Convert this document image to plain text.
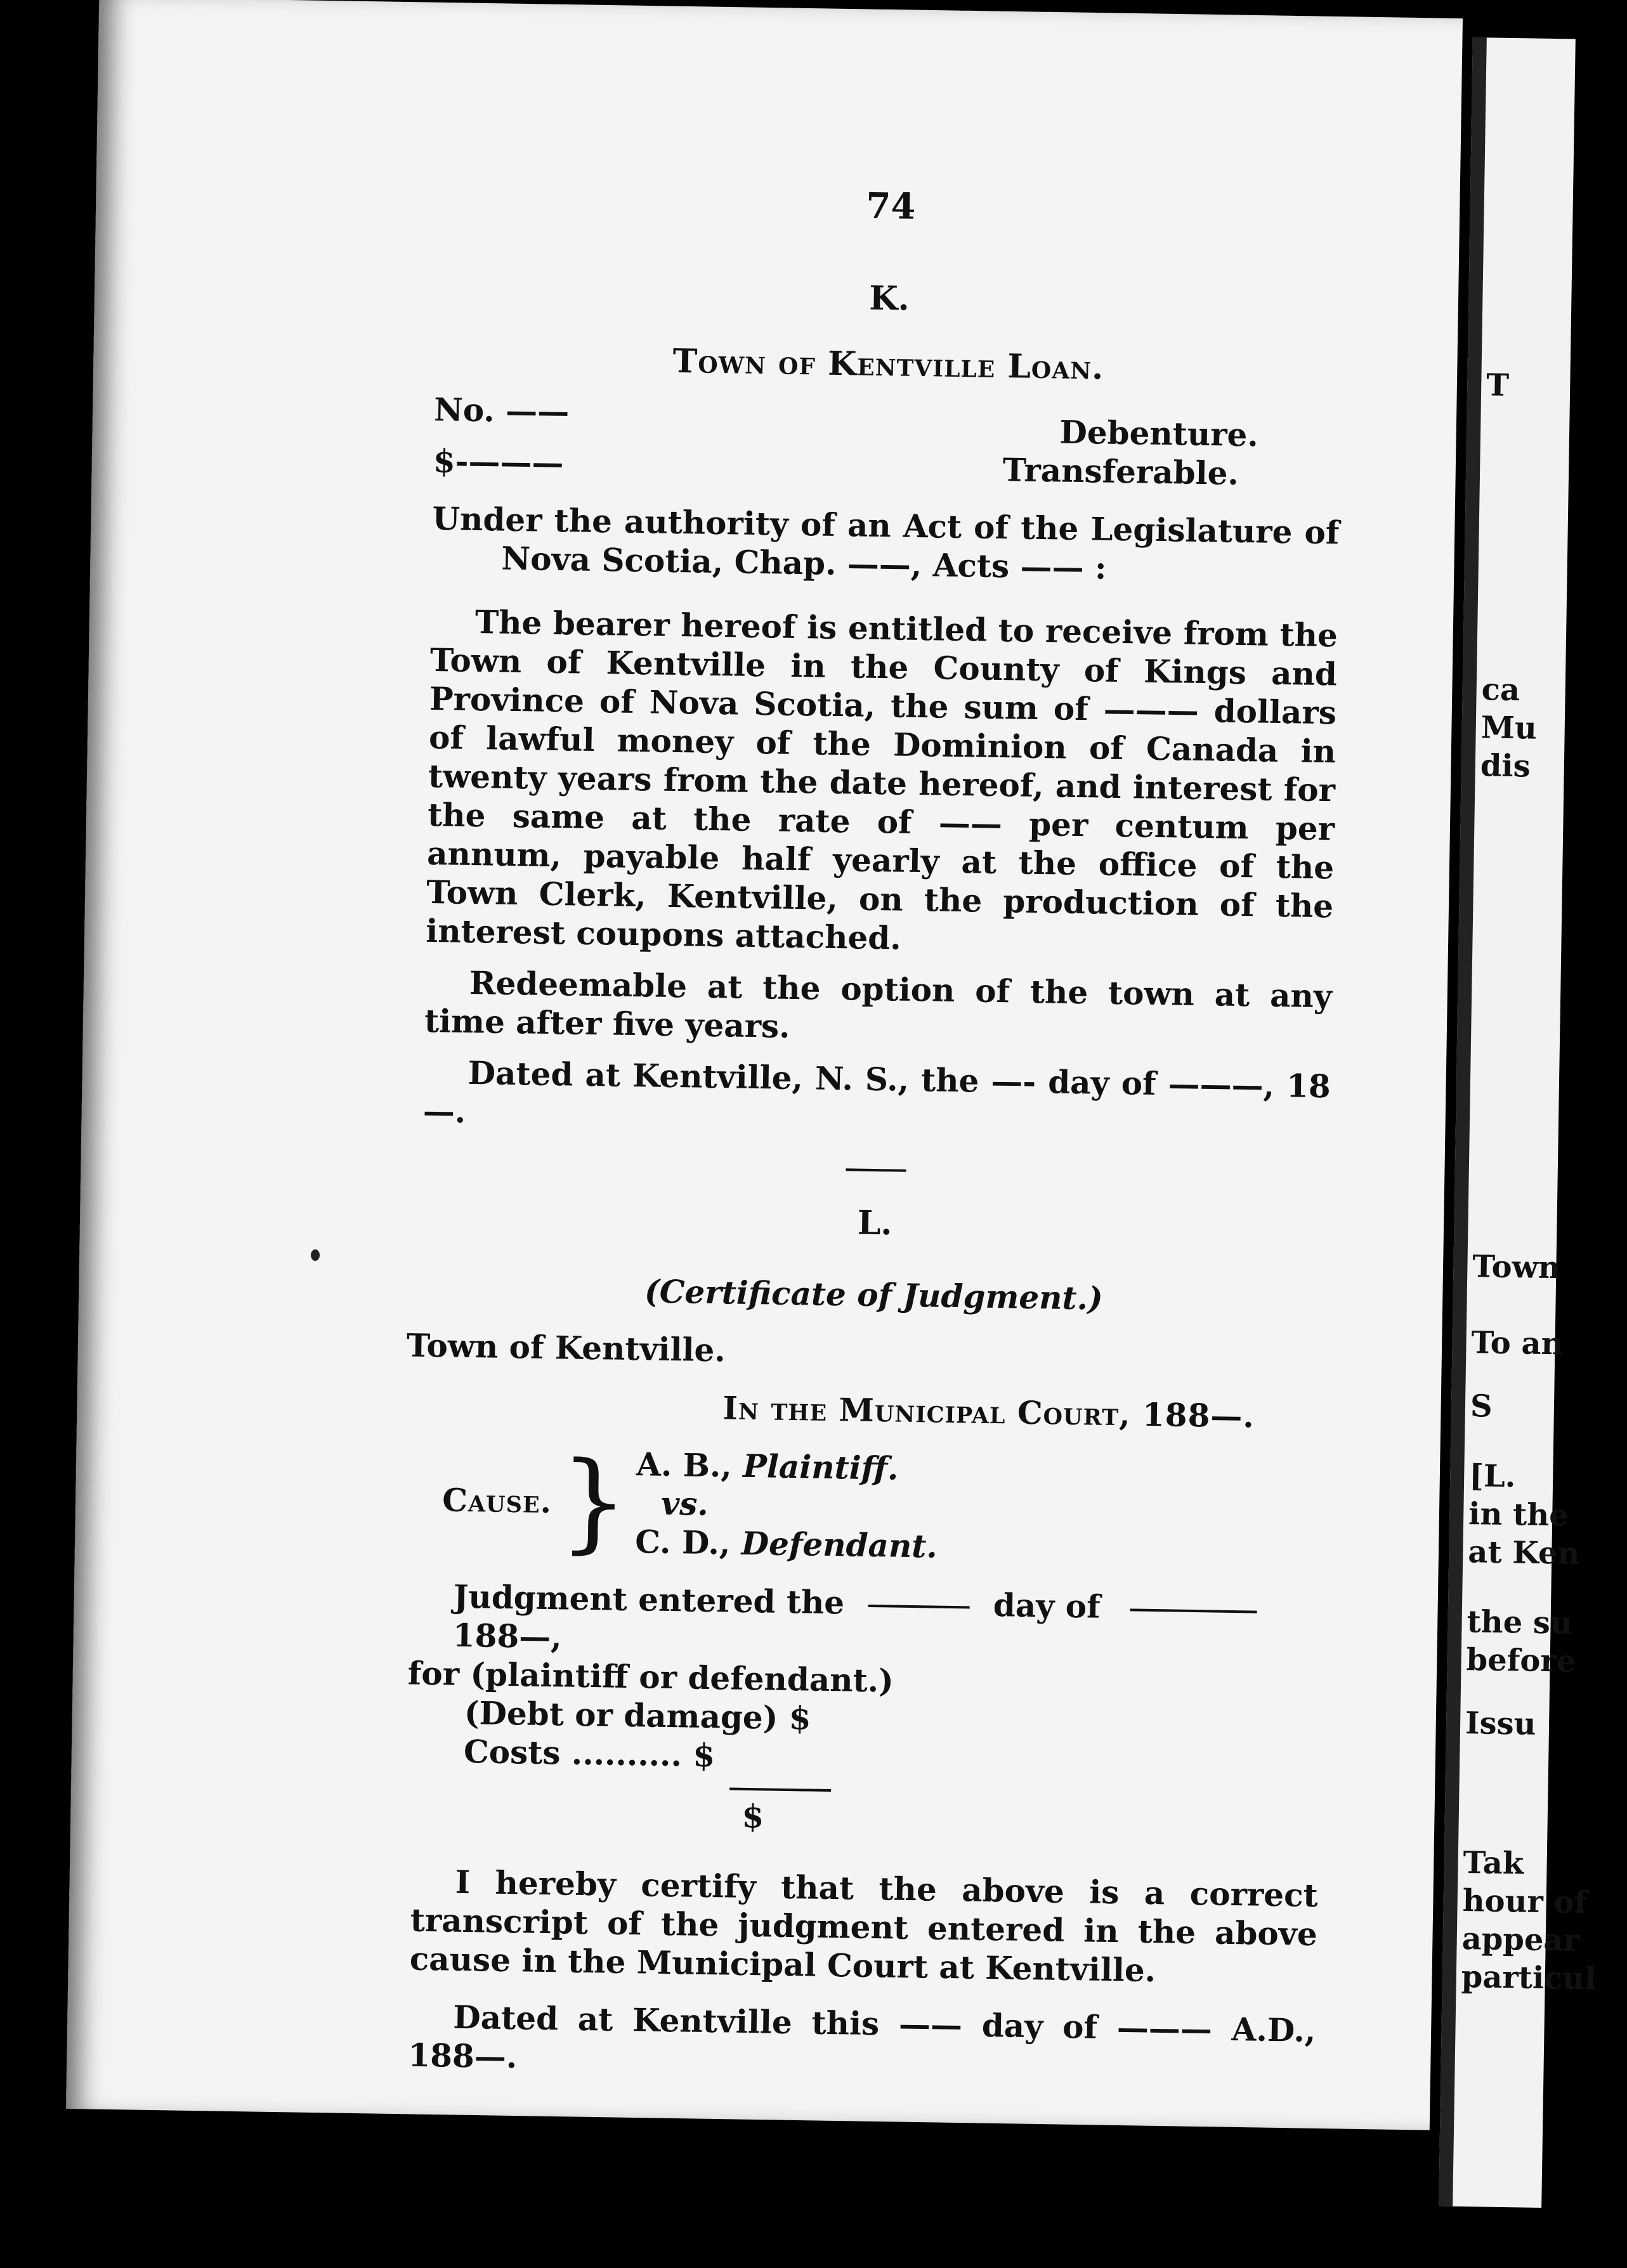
T
ca
Mu
dis
Town
To an
S
[L.
in the
at Ken
the su
before
Issu
Tak
hour of
appear
particul
74
K.
Town of Kentville Loan.
No. ——
Debenture.
$-———	Transferable.
Under the authority of an Act of the Legislature of Nova Scotia, Chap. ——, Acts —— :
The bearer hereof is entitled to receive from the Town of Kentville in the County of Kings and Province of Nova Scotia, the sum of ——— dollars of lawful money of the Dominion of Canada in twenty years from the date hereof, and interest for the same at the rate of —— per centum per annum, payable half yearly at the office of the Town Clerk, Kentville, on the production of the interest coupons attached.
Redeemable at the option of the town at any time after five years.
Dated at Kentville, N. S., the —- day of ———, 18—.
L.
(Certificate of Judgment.)
Town of Kentville.
In the Municipal Court, 188—.
Cause. } A. B., Plaintiff.
vs.
C. D., Defendant.
Judgment entered the	day of  188—,
for (plaintiff or defendant.)
(Debt or damage) $
Costs .......... $
$
I hereby certify that the above is a correct transcript of the judgment entered in the above cause in the Municipal Court at Kentville.
Dated at Kentville this —— day of ——— A.D., 188—.
